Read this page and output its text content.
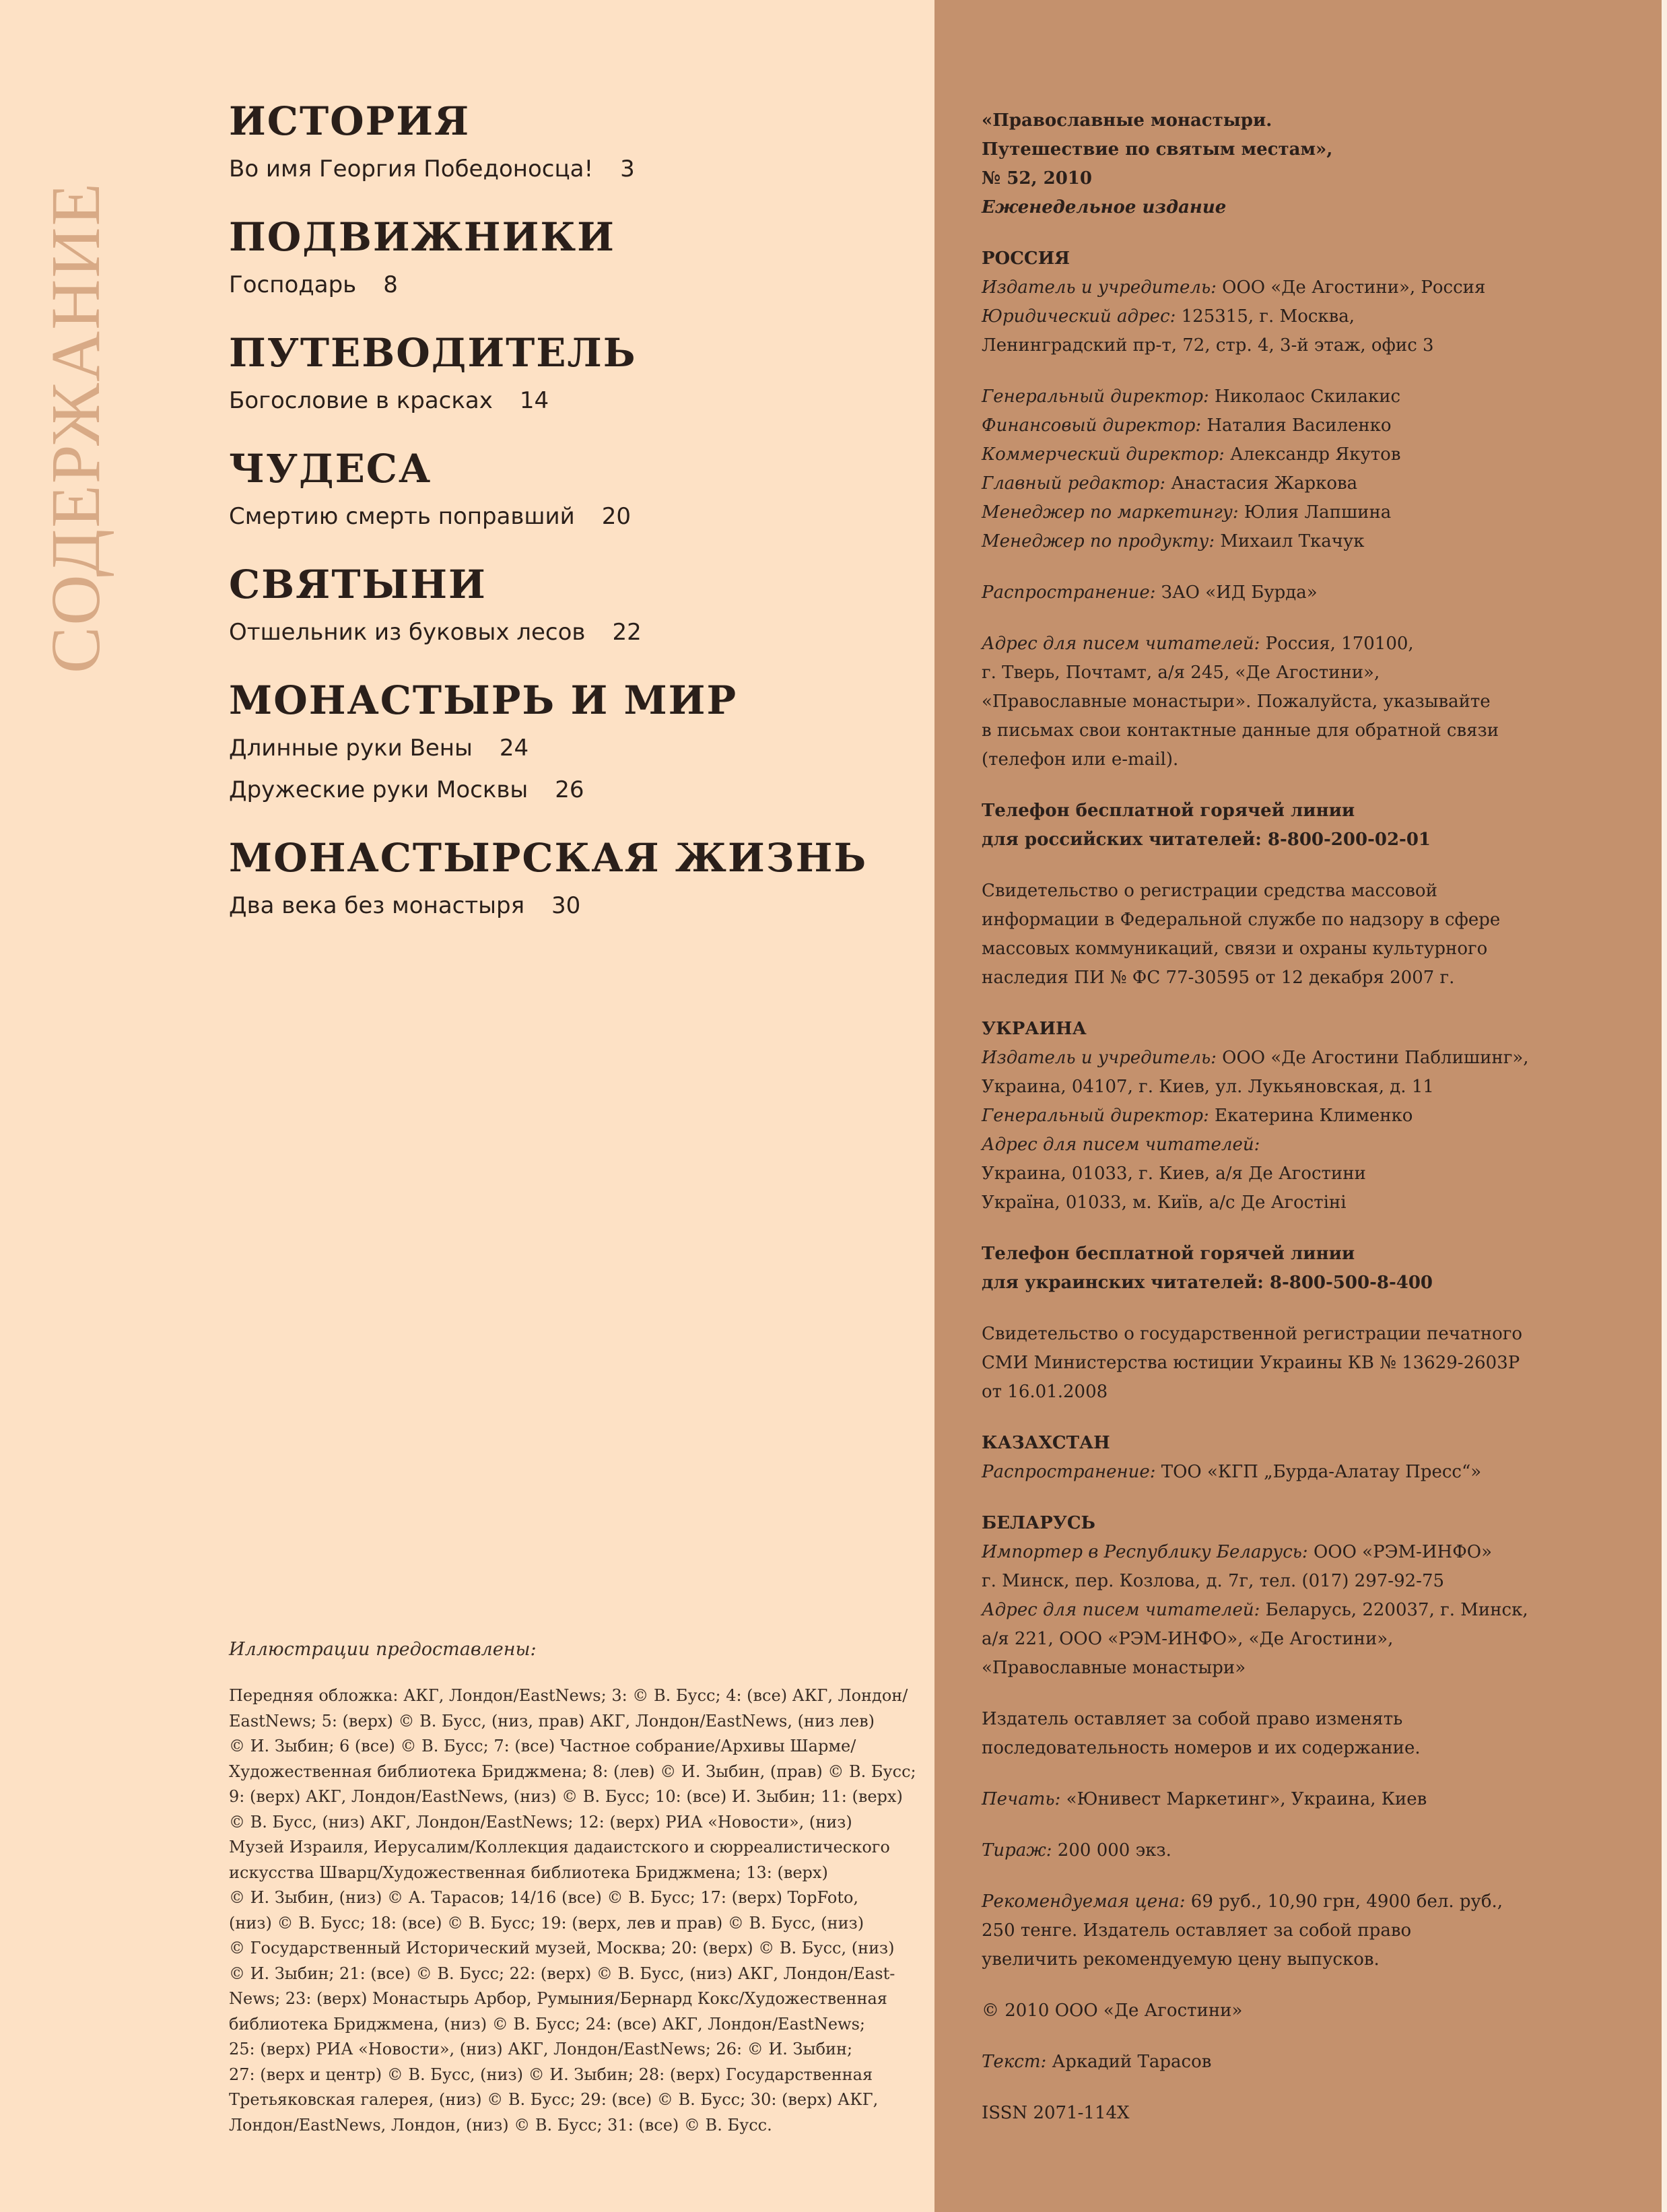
СОДЕРЖАНИЕ
ИСТОРИЯ
Во имя Георгия Победоносца! 3
ПОДВИЖНИКИ
Господарь 8
ПУТЕВОДИТЕЛЬ
Богословие в красках 14
ЧУДЕСА
Смертию смерть поправший 20
СВЯТЫНИ
Отшельник из буковых лесов 22
МОНАСТЫРЬ И МИР
Длинные руки Вены 24
Дружеские руки Москвы 26
МОНАСТЫРСКАЯ ЖИЗНЬ
Два века без монастыря 30
Иллюстрации предоставлены:
Передняя обложка: АКГ, Лондон/EastNews; 3: © В. Бусс; 4: (все) АКГ, Лондон/
EastNews; 5: (верх) © В. Бусс, (низ, прав) АКГ, Лондон/EastNews, (низ лев)
© И. Зыбин; 6 (все) © В. Бусс; 7: (все) Частное собрание/Архивы Шарме/
Художественная библиотека Бриджмена; 8: (лев) © И. Зыбин, (прав) © В. Бусс;
9: (верх) АКГ, Лондон/EastNews, (низ) © В. Бусс; 10: (все) И. Зыбин; 11: (верх)
© В. Бусс, (низ) АКГ, Лондон/EastNews; 12: (верх) РИА «Новости», (низ)
Музей Израиля, Иерусалим/Коллекция дадаистского и сюрреалистического
искусства Шварц/Художественная библиотека Бриджмена; 13: (верх)
© И. Зыбин, (низ) © А. Тарасов; 14/16 (все) © В. Бусс; 17: (верх) TopFoto,
(низ) © В. Бусс; 18: (все) © В. Бусс; 19: (верх, лев и прав) © В. Бусс, (низ)
© Государственный Исторический музей, Москва; 20: (верх) © В. Бусс, (низ)
© И. Зыбин; 21: (все) © В. Бусс; 22: (верх) © В. Бусс, (низ) АКГ, Лондон/East-
News; 23: (верх) Монастырь Арбор, Румыния/Бернард Кокс/Художественная
библиотека Бриджмена, (низ) © В. Бусс; 24: (все) АКГ, Лондон/EastNews;
25: (верх) РИА «Новости», (низ) АКГ, Лондон/EastNews; 26: © И. Зыбин;
27: (верх и центр) © В. Бусс, (низ) © И. Зыбин; 28: (верх) Государственная
Третьяковская галерея, (низ) © В. Бусс; 29: (все) © В. Бусс; 30: (верх) АКГ,
Лондон/EastNews, Лондон, (низ) © В. Бусс; 31: (все) © В. Бусс.

«Православные монастыри.
Путешествие по святым местам»,
№ 52, 2010
Еженедельное издание

РОССИЯ
Издатель и учредитель: ООО «Де Агостини», Россия
Юридический адрес: 125315, г. Москва,
Ленинградский пр-т, 72, стр. 4, 3-й этаж, офис 3

Генеральный директор: Николаос Скилакис
Финансовый директор: Наталия Василенко
Коммерческий директор: Александр Якутов
Главный редактор: Анастасия Жаркова
Менеджер по маркетингу: Юлия Лапшина
Менеджер по продукту: Михаил Ткачук

Распространение: ЗАО «ИД Бурда»

Адрес для писем читателей: Россия, 170100,
г. Тверь, Почтамт, а/я 245, «Де Агостини»,
«Православные монастыри». Пожалуйста, указывайте
в письмах свои контактные данные для обратной связи
(телефон или e-mail).

Телефон бесплатной горячей линии
для российских читателей: 8-800-200-02-01

Свидетельство о регистрации средства массовой
информации в Федеральной службе по надзору в сфере
массовых коммуникаций, связи и охраны культурного
наследия ПИ № ФС 77-30595 от 12 декабря 2007 г.

УКРАИНА
Издатель и учредитель: ООО «Де Агостини Паблишинг»,
Украина, 04107, г. Киев, ул. Лукьяновская, д. 11
Генеральный директор: Екатерина Клименко
Адрес для писем читателей:
Украина, 01033, г. Киев, а/я Де Агостини
Україна, 01033, м. Київ, а/с Де Агостіні

Телефон бесплатной горячей линии
для украинских читателей: 8-800-500-8-400

Свидетельство о государственной регистрации печатного
СМИ Министерства юстиции Украины КВ № 13629-2603Р
от 16.01.2008

КАЗАХСТАН
Распространение: ТОО «КГП „Бурда-Алатау Пресс“»

БЕЛАРУСЬ
Импортер в Республику Беларусь: ООО «РЭМ-ИНФО»
г. Минск, пер. Козлова, д. 7г, тел. (017) 297-92-75
Адрес для писем читателей: Беларусь, 220037, г. Минск,
а/я 221, ООО «РЭМ-ИНФО», «Де Агостини»,
«Православные монастыри»

Издатель оставляет за собой право изменять
последовательность номеров и их содержание.

Печать: «Юнивест Маркетинг», Украина, Киев

Тираж: 200 000 экз.

Рекомендуемая цена: 69 руб., 10,90 грн, 4900 бел. руб.,
250 тенге. Издатель оставляет за собой право
увеличить рекомендуемую цену выпусков.

© 2010 ООО «Де Агостини»

Текст: Аркадий Тарасов

ISSN 2071-114X
